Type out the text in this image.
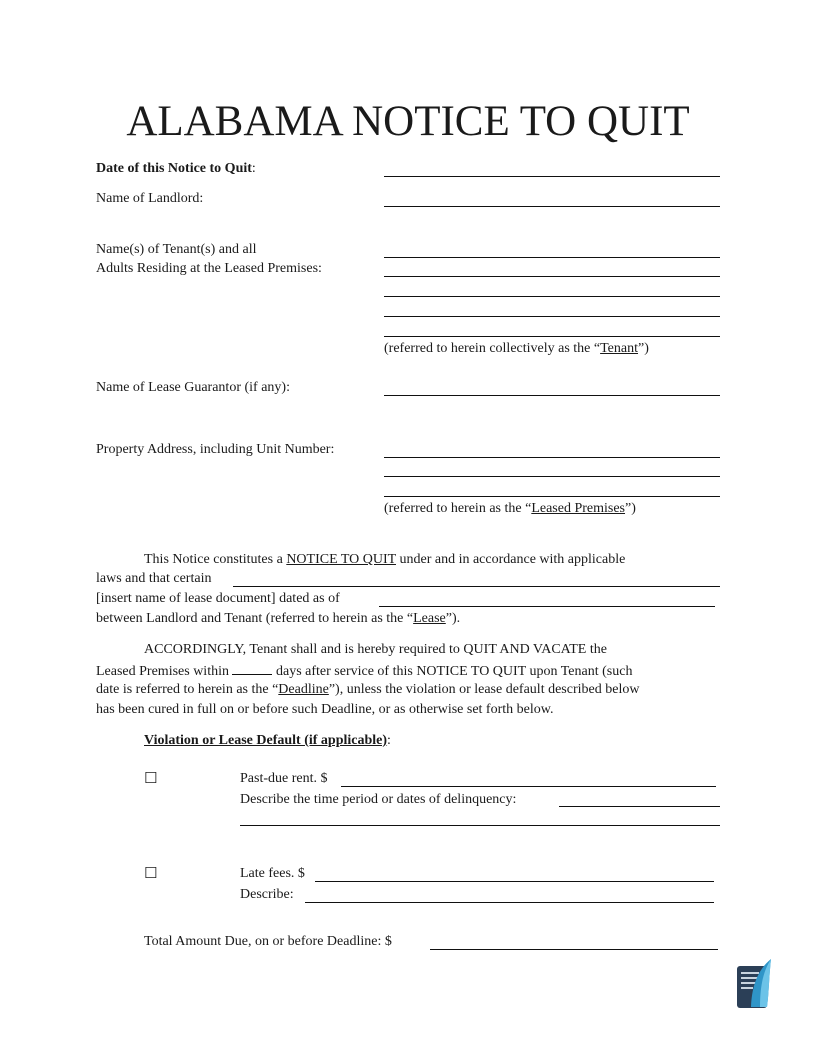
ALABAMA NOTICE TO QUIT
Date of this Notice to Quit:
Name of Landlord:
Name(s) of Tenant(s) and all
Adults Residing at the Leased Premises:
(referred to herein collectively as the “Tenant”)
Name of Lease Guarantor (if any):
Property Address, including Unit Number:
(referred to herein as the “Leased Premises”)
This Notice constitutes a NOTICE TO QUIT under and in accordance with applicable
laws and that certain
[insert name of lease document] dated as of
between Landlord and Tenant (referred to herein as the “Lease”).
ACCORDINGLY, Tenant shall and is hereby required to QUIT AND VACATE the
Leased Premises within	days after service of this NOTICE TO QUIT upon Tenant (such
date is referred to herein as the “Deadline”), unless the violation or lease default described below
has been cured in full on or before such Deadline, or as otherwise set forth below.
Violation or Lease Default (if applicable):
☐	Past-due rent. $
Describe the time period or dates of delinquency:
☐	Late fees. $
Describe:
Total Amount Due, on or before Deadline: $
